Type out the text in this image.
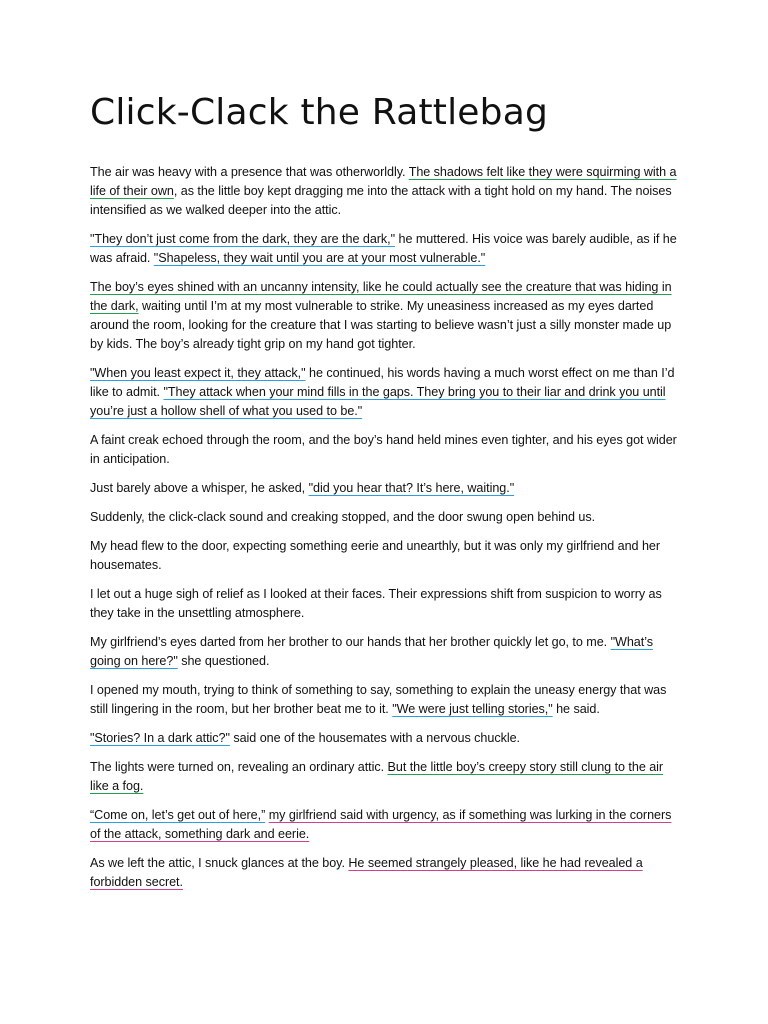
Click-Clack the Rattlebag

The air was heavy with a presence that was otherworldly. The shadows felt like they were squirming with a life of their own, as the little boy kept dragging me into the attack with a tight hold on my hand. The noises intensified as we walked deeper into the attic.

"They don’t just come from the dark, they are the dark," he muttered. His voice was barely audible, as if he was afraid. "Shapeless, they wait until you are at your most vulnerable."

The boy’s eyes shined with an uncanny intensity, like he could actually see the creature that was hiding in the dark, waiting until I’m at my most vulnerable to strike. My uneasiness increased as my eyes darted around the room, looking for the creature that I was starting to believe wasn’t just a silly monster made up by kids. The boy’s already tight grip on my hand got tighter.

"When you least expect it, they attack," he continued, his words having a much worst effect on me than I’d like to admit. "They attack when your mind fills in the gaps. They bring you to their liar and drink you until you’re just a hollow shell of what you used to be."

A faint creak echoed through the room, and the boy’s hand held mines even tighter, and his eyes got wider in anticipation.

Just barely above a whisper, he asked, "did you hear that? It’s here, waiting."

Suddenly, the click-clack sound and creaking stopped, and the door swung open behind us.

My head flew to the door, expecting something eerie and unearthly, but it was only my girlfriend and her housemates.

I let out a huge sigh of relief as I looked at their faces. Their expressions shift from suspicion to worry as they take in the unsettling atmosphere.

My girlfriend’s eyes darted from her brother to our hands that her brother quickly let go, to me. "What’s going on here?" she questioned.

I opened my mouth, trying to think of something to say, something to explain the uneasy energy that was still lingering in the room, but her brother beat me to it. "We were just telling stories," he said.

"Stories? In a dark attic?" said one of the housemates with a nervous chuckle.

The lights were turned on, revealing an ordinary attic. But the little boy’s creepy story still clung to the air like a fog.

“Come on, let’s get out of here,” my girlfriend said with urgency, as if something was lurking in the corners of the attack, something dark and eerie.

As we left the attic, I snuck glances at the boy. He seemed strangely pleased, like he had revealed a forbidden secret.
